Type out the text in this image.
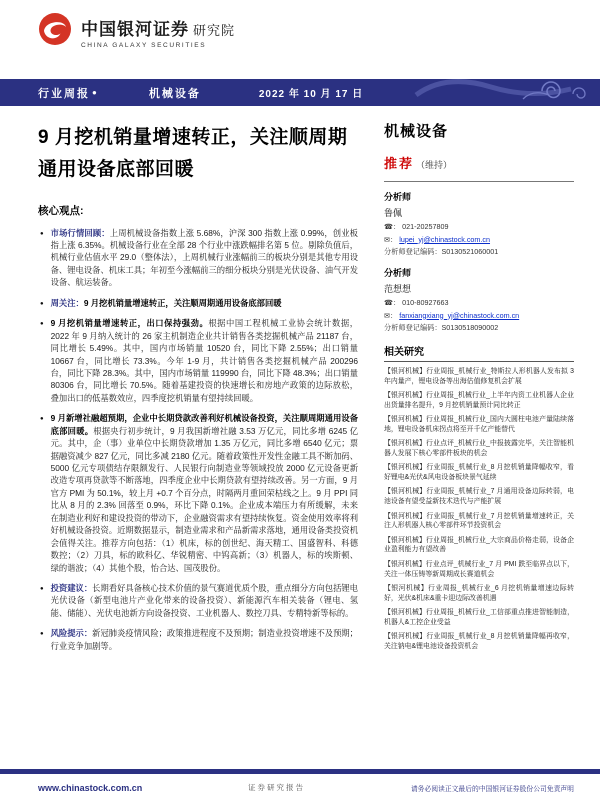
中国银河证券 研究院
CHINA GALAXY SECURITIES
行业周报 ●	机械设备	2022 年 10 月 17 日
9 月挖机销量增速转正，关注顺周期
通用设备底部回暖
核心观点:
● 市场行情回顾：上周机械设备指数上涨 5.68%，沪深 300 指数上涨 0.99%，创业板指上涨 6.35%。机械设备行业在全部 28 个行业中涨跌幅排名第 5 位。剔除负值后，机械行业估值水平 29.0（整体法），上周机械行业涨幅前三的板块分别是其他专用设备、锂电设备、机床工具；年初至今涨幅前三的细分板块分别是光伏设备、油气开发设备、航运装备。
● 周关注：9 月挖机销量增速转正，关注顺周期通用设备底部回暖
● 9 月挖机销量增速转正，出口保持强劲。根据中国工程机械工业协会统计数据，2022 年 9 月纳入统计的 26 家主机制造企业共计销售各类挖掘机械产品 21187 台，同比增长 5.49%。其中，国内市场销量 10520 台，同比下降 2.55%；出口销量 10667 台，同比增长 73.3%。今年 1-9 月，共计销售各类挖掘机械产品 200296 台，同比下降 28.3%。其中，国内市场销量 119990 台，同比下降 48.3%；出口销量 80306 台，同比增长 70.5%。随着基建投资的快速增长和房地产政策的边际放松，叠加出口的低基数效应，四季度挖机销量有望持续回暖。
● 9 月新增社融超预期，企业中长期贷款改善利好机械设备投资，关注顺周期通用设备底部回暖。根据央行初步统计，9 月我国新增社融 3.53 万亿元，同比多增 6245 亿元。其中，企（事）业单位中长期贷款增加 1.35 万亿元，同比多增 6540 亿元；票据融资减少 827 亿元，同比多减 2180 亿元。随着政策性开发性金融工具不断加码、5000 亿元专项债结存限额发行、人民银行向制造业等领域投放 2000 亿元设备更新改造专项再贷款等不断落地，四季度企业中长期贷款有望持续改善。另一方面，9 月官方 PMI 为 50.1%，较上月 +0.7 个百分点，时隔两月重回荣枯线之上。9 月 PPI 同比从 8 月的 2.3% 回落至 0.9%，环比下降 0.1%。企业成本端压力有所缓解，未来在制造业利好和建设投资的带动下，企业融资需求有望持续恢复。资金使用效率将利好机械设备投资。近期数据显示，制造业需求和产品新需求落地，通用设备类投资机会值得关注。推荐方向包括：（1）机床，标的创世纪、海天精工、国盛智科、科德数控；（2）刀具，标的欧科亿、华锐精密、中钨高新；（3）机器人，标的埃斯顿、绿的谐波；（4）其他个股，怡合达、国茂股份。
● 投资建议：长期看好具备核心技术价值的景气赛道优质个股，重点细分方向包括锂电光伏设备（新型电池片产业化带来的设备投资）、新能源汽车相关装备（锂电、氢能、储能）、光伏电池新方向设备投资、工业机器人、数控刀具、专精特新等标的。
● 风险提示：新冠肺炎疫情风险；政策推进程度不及预期；制造业投资增速不及预期；行业竞争加剧等。
机械设备
推荐 （维持）
分析师
鲁佩
☎： 021-20257809
✉： lupei_yj@chinastock.com.cn
分析师登记编码：S0130521060001
分析师
范想想
☎： 010-80927663
✉： fanxiangxiang_yj@chinastock.com.cn
分析师登记编码：S0130518090002
相关研究
【银河机械】行业周报_机械行业_特斯拉人形机器人发布拟 3 年内量产，锂电设备等出海估值修复机会扩展
【银河机械】行业周报_机械行业_上半年内资工业机器人企业出货量排名提升，9 月挖机销量预计同比转正
【银河机械】行业周报_机械行业_国内大圆柱电池产量陆续落地，锂电设备机床拐点将至开千亿产能替代
【银河机械】行业点评_机械行业_中报披露完毕，关注智能机器人发展下核心零部件板块的机会
【银河机械】行业周报_机械行业_8 月挖机销量降幅收窄，看好锂电&光伏&风电设备板块景气延续
【银河机械】行业周报_机械行业_7 月通用设备边际转弱，电池设备有望受益新技术迭代与产能扩展
【银河机械】行业周报_机械行业_7 月挖机销量增速转正，关注人形机器人核心零部件环节投资机会
【银河机械】行业周报_机械行业_大宗商品价格走弱，设备企业盈利能力有望改善
【银河机械】行业点评_机械行业_7 月 PMI 跌至临界点以下，关注一体压铸等新周期成长赛道机会
【银河机械】行业周报_机械行业_6 月挖机销量增速边际转好，光伏&机床&重卡迎边际改善机遇
【银河机械】行业周报_机械行业_工信部重点推进智能制造，机器人&工控企业受益
【银河机械】行业周报_机械行业_8 月挖机销量降幅再收窄，关注钠电&锂电池设备投资机会
www.chinastock.com.cn	证券研究报告	请务必阅读正文最后的中国银河证券股份公司免责声明
